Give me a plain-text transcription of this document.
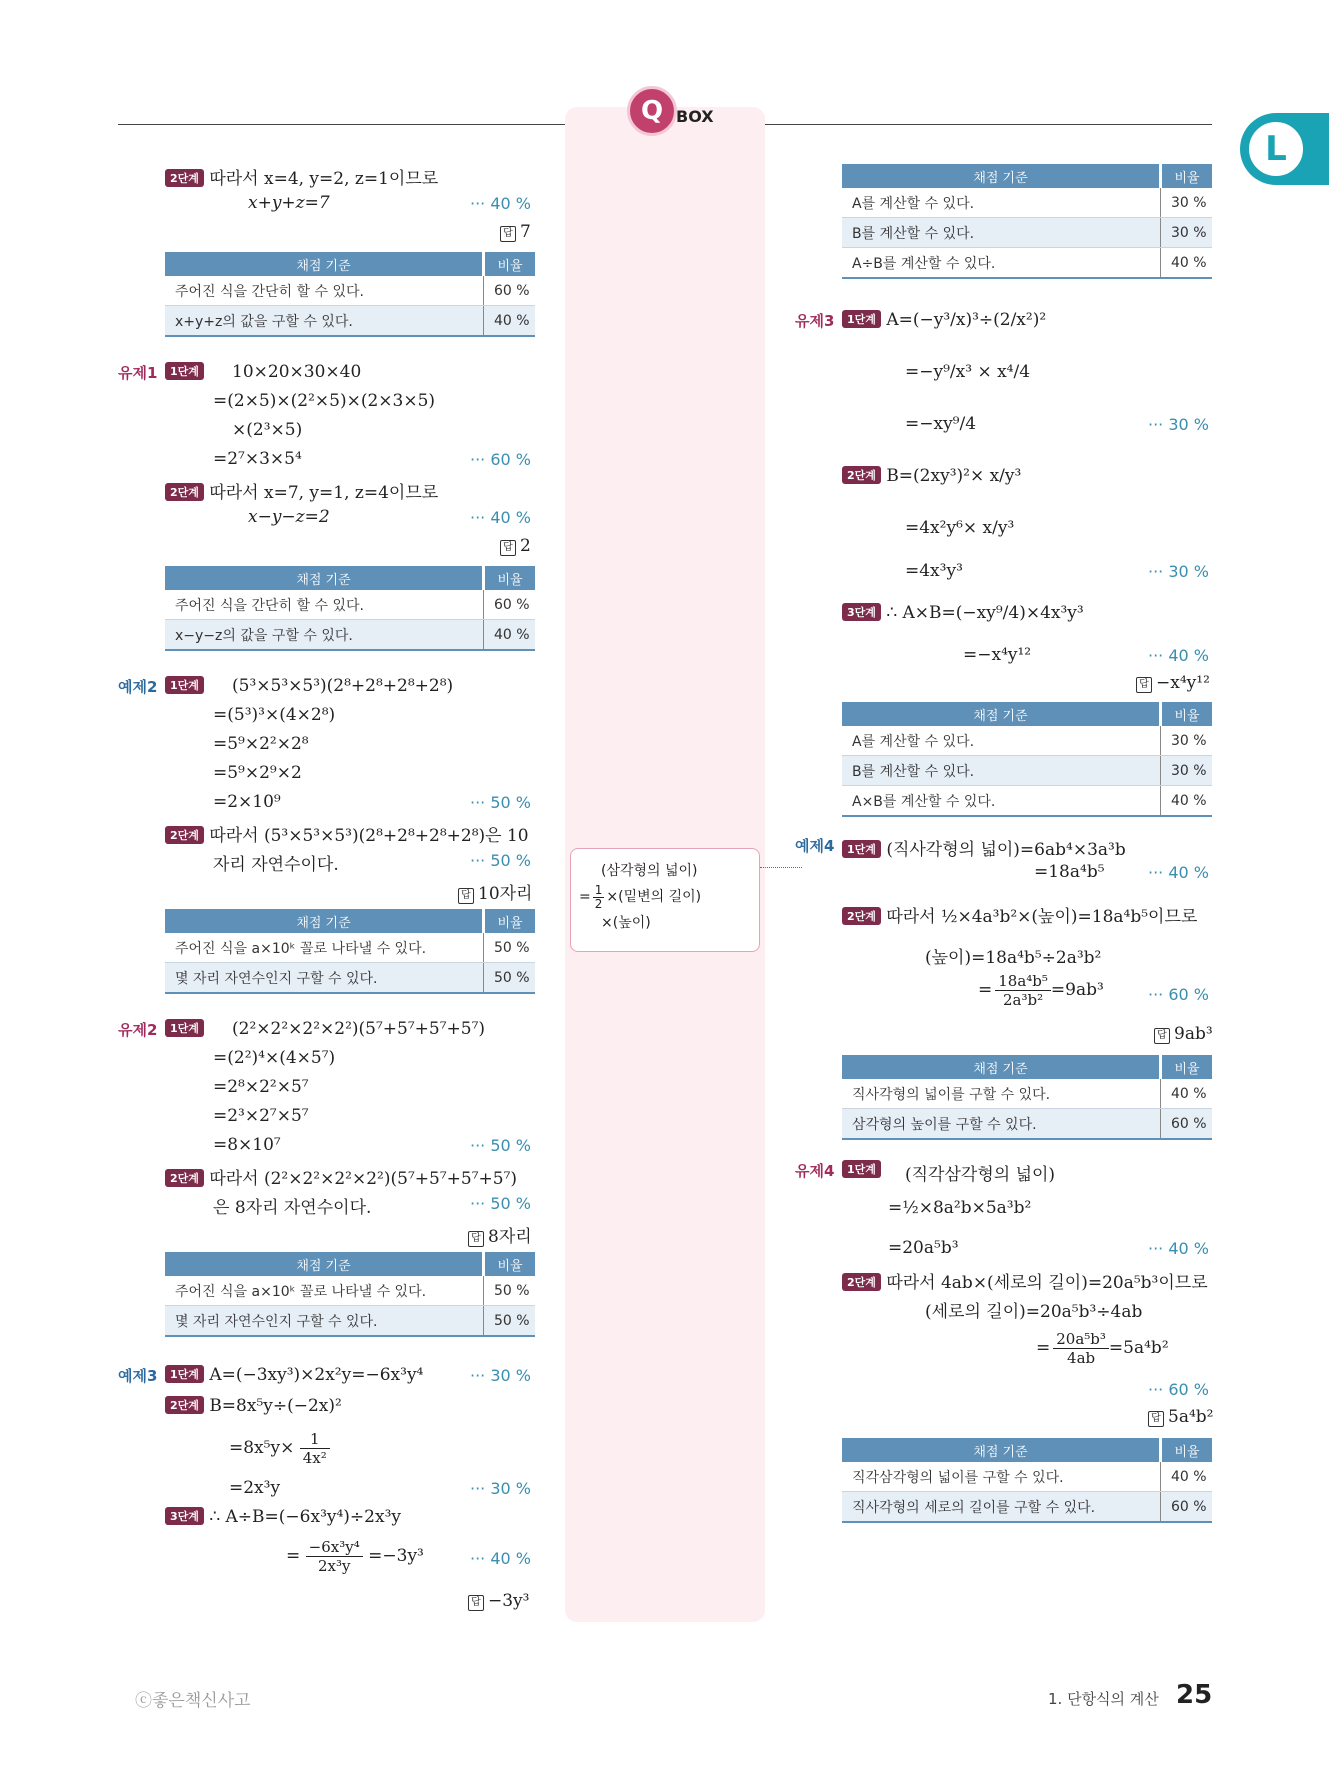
Q BOX
L
2단계 따라서 x=4, y=2, z=1이므로
x+y+z=7	··· 40 %
답 7
채점 기준	비율
주어진 식을 간단히 할 수 있다.	60 %
x+y+z의 값을 구할 수 있다.	40 %
유제1	1단계 10×20×30×40
=(2×5)×(2²×5)×(2×3×5)
×(2³×5)
=2⁷×3×5⁴	··· 60 %
2단계 따라서 x=7, y=1, z=4이므로
x−y−z=2	··· 40 %
답 2
채점 기준	비율
주어진 식을 간단히 할 수 있다.	60 %
x−y−z의 값을 구할 수 있다.	40 %
예제2	1단계 (5³×5³×5³)(2⁸+2⁸+2⁸+2⁸)
=(5³)³×(4×2⁸)
=5⁹×2²×2⁸
=5⁹×2⁹×2
=2×10⁹	··· 50 %
2단계 따라서 (5³×5³×5³)(2⁸+2⁸+2⁸+2⁸)은 10
자리 자연수이다.	··· 50 %
답 10자리
채점 기준	비율
주어진 식을 a×10ᵏ 꼴로 나타낼 수 있다.	50 %
몇 자리 자연수인지 구할 수 있다.	50 %
유제2	1단계 (2²×2²×2²×2²)(5⁷+5⁷+5⁷+5⁷)
=(2²)⁴×(4×5⁷)
=2⁸×2²×5⁷
=2³×2⁷×5⁷
=8×10⁷	··· 50 %
2단계 따라서 (2²×2²×2²×2²)(5⁷+5⁷+5⁷+5⁷)
은 8자리 자연수이다.	··· 50 %
답 8자리
채점 기준	비율
주어진 식을 a×10ᵏ 꼴로 나타낼 수 있다.	50 %
몇 자리 자연수인지 구할 수 있다.	50 %
예제3	1단계 A=(−3xy³)×2x²y=−6x³y⁴	··· 30 %
2단계 B=8x⁵y÷(−2x)²
$=8x^5y\times \frac{1}{\text{4x²}}$
=2x³y	··· 30 %
3단계 ∴ A÷B=(−6x³y⁴)÷2x³y
= $\frac{\text{−6x³y⁴}}{\text{2x³y}} =-3y^3$	··· 40 %
답 −3y³
(삼각형의 넓이)
= $\frac{1}{2}$ ×(밑변의 길이)
×(높이)
채점 기준	비율
A를 계산할 수 있다.	30 %
B를 계산할 수 있다.	30 %
A÷B를 계산할 수 있다.	40 %
유제3	1단계 A=(−y³/x)³÷(2/x²)²
=−y⁹/x³ × x⁴/4
=−xy⁹/4	··· 30 %
2단계 B=(2xy³)²× x/y³
=4x²y⁶× x/y³
=4x³y³	··· 30 %
3단계 ∴ A×B=(−xy⁹/4)×4x³y³
=−x⁴y¹²	··· 40 %
답 −x⁴y¹²
채점 기준	비율
A를 계산할 수 있다.	30 %
B를 계산할 수 있다.	30 %
A×B를 계산할 수 있다.	40 %
예제4	1단계 (직사각형의 넓이)=6ab⁴×3a³b
=18a⁴b⁵	··· 40 %
2단계 따라서 ½×4a³b²×(높이)=18a⁴b⁵이므로
(높이)=18a⁴b⁵÷2a³b²
= $\frac{\text{18a⁴b⁵}}{\text{2a³b²}} =9ab^3$	··· 60 %
답 9ab³
채점 기준	비율
직사각형의 넓이를 구할 수 있다.	40 %
삼각형의 높이를 구할 수 있다.	60 %
유제4	1단계 (직각삼각형의 넓이)
=½×8a²b×5a³b²
=20a⁵b³	··· 40 %
2단계 따라서 4ab×(세로의 길이)=20a⁵b³이므로
(세로의 길이)=20a⁵b³÷4ab
= $\frac{\text{20a⁵b³}}{4ab} =5a^4b^2$
··· 60 %
답 5a⁴b²
채점 기준	비율
직각삼각형의 넓이를 구할 수 있다.	40 %
직사각형의 세로의 길이를 구할 수 있다.	60 %
ⓒ좋은책신사고	1. 단항식의 계산 25
